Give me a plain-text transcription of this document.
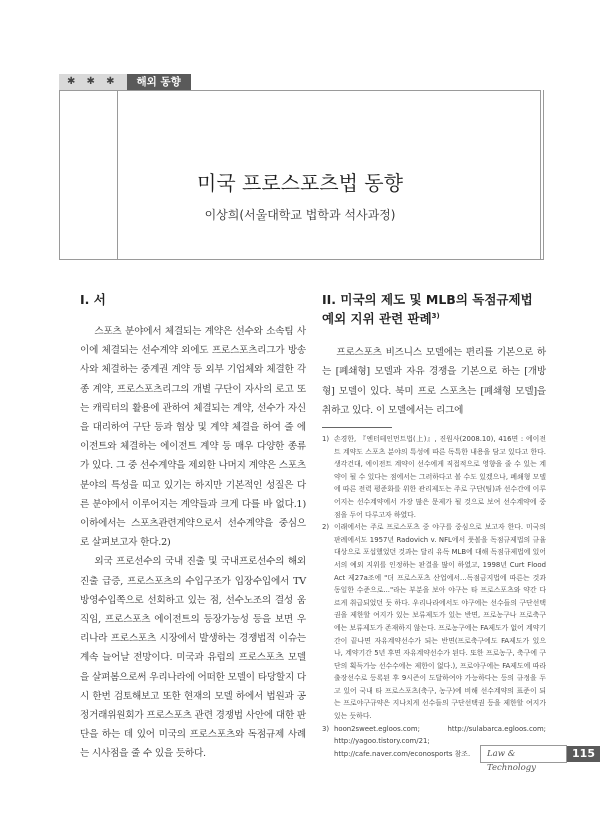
✱ ✱ ✱	해외 동향
미국 프로스포츠법 동향
이상희(서울대학교 법학과 석사과정)
I. 서

스포츠 분야에서 체결되는 계약은 선수와 소속팀 사이에 체결되는 선수계약 외에도 프로스포츠리그가 방송사와 체결하는 중계권 계약 등 외부 기업체와 체결한 각종 계약, 프로스포츠리그의 개별 구단이 자사의 로고 또는 캐릭터의 활용에 관하여 체결되는 계약, 선수가 자신을 대리하여 구단 등과 협상 및 계약 체결을 하여 줄 에이전트와 체결하는 에이전트 계약 등 매우 다양한 종류가 있다. 그 중 선수계약을 제외한 나머지 계약은 스포츠분야의 특성을 띠고 있기는 하지만 기본적인 성질은 다른 분야에서 이루어지는 계약들과 크게 다를 바 없다.1) 이하에서는 스포츠관련계약으로서 선수계약을 중심으로 살펴보고자 한다.2)

외국 프로선수의 국내 진출 및 국내프로선수의 해외 진출 급증, 프로스포츠의 수입구조가 입장수입에서 TV 방영수입쪽으로 선회하고 있는 점, 선수노조의 결성 움직임, 프로스포츠 에이전트의 등장가능성 등을 보면 우리나라 프로스포츠 시장에서 발생하는 경쟁법적 이슈는 계속 늘어날 전망이다. 미국과 유럽의 프로스포츠 모델을 살펴봄으로써 우리나라에 어떠한 모델이 타당할지 다시 한번 검토해보고 또한 현재의 모델 하에서 법원과 공정거래위원회가 프로스포츠 관련 경쟁법 사안에 대한 판단을 하는 데 있어 미국의 프로스포츠와 독점규제 사례는 시사점을 줄 수 있을 듯하다.

II. 미국의 제도 및 MLB의 독점규제법 예외 지위 관련 판례$^{3)}$

프로스포츠 비즈니스 모델에는 편리를 기본으로 하는 [폐쇄형] 모델과 자유 경쟁을 기본으로 하는 [개방형] 모델이 있다. 북미 프로 스포츠는 [폐쇄형 모델]을 취하고 있다. 이 모델에서는 리그에

1) 손경한, 『엔터테인먼트법(上)』, 진원사(2008.10), 416면 : 에이전트 계약도 스포츠 분야의 특성에 따른 독특한 내용을 담고 있다고 한다. 생각건대, 에이전트 계약이 선수에게 직접적으로 영향을 줄 수 있는 계약이 될 수 있다는 점에서는 그러하다고 볼 수도 있겠으나, 폐쇄형 모델에 따른 전력 평준화를 위한 관리제도는 주로 구단(팀)과 선수간에 이루어지는 선수계약에서 가장 많은 문제가 될 것으로 보여 선수계약에 중점을 두어 다루고자 하였다.

2) 이래에서는 주로 프로스포츠 중 야구를 중심으로 보고자 한다. 미국의 판례에서도 1957년 Radovich v. NFL에서 풋볼을 독점규제법의 규율대상으로 포섭했었던 것과는 달리 유독 MLB에 대해 독점규제법에 있어서의 예외 지위를 인정하는 판결을 많이 하였고, 1998년 Curt Flood Act 제27a조에 "더 프로스포츠 산업에서...독점금지법에 따른는 것과 동일한 수준으로..."라는 부분을 보아 야구는 타 프로스포츠와 약간 다르게 취급되었던 듯 하다. 우리나라에서도 야구에는 선수들의 구단선택권을 제한할 여지가 있는 보류제도가 있는 반면, 프로농구나 프로축구에는 보류제도가 존재하지 않는다. 프로농구에는 FA제도가 없어 계약기간이 끝나면 자유계약선수가 되는 반면(프로축구에도 FA제도가 있으나, 계약기간 5년 후면 자유계약선수가 된다. 또한 프로농구, 축구에 구단의 획득가능 선수수에는 제한이 없다.), 프로야구에는 FA제도에 따라 출장선수로 등록된 후 9시즌이 도달하여야 가능하다는 등의 규정을 두고 있어 국내 타 프로스포츠(축구, 농구)에 비해 선수계약의 표준이 되는 프로야구규약은 지나치게 선수들의 구단선택권 등을 제한할 여지가 있는 듯하다.

3) hoon2sweet.egloos.com; http://sulabarca.egloos.com; http://yagoo.tistory.com/21; http://cafe.naver.com/econosports 참조.	Law & Technology
115
